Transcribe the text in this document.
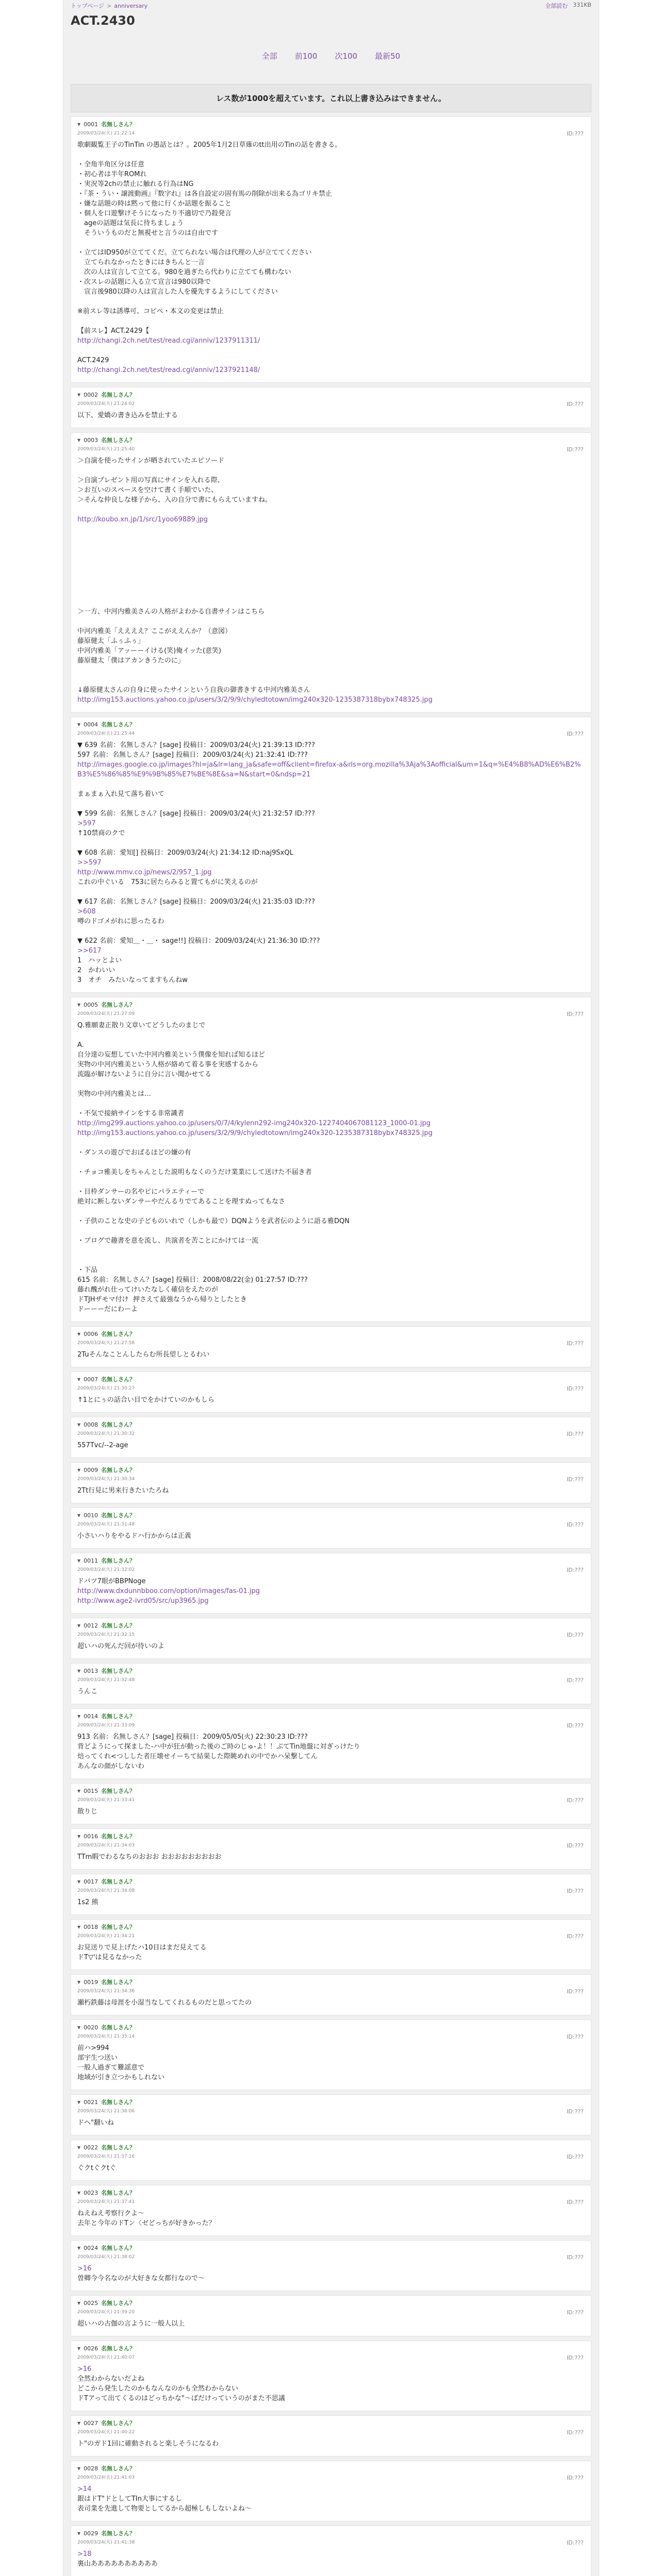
トップページ > anniversary	全部読む 331KB
ACT.2430
全部 前100 次100 最新50
レス数が1000を超えています。これ以上書き込みはできません。
▼ 0001 名無しさん？
2009/03/24(火) 21:22:14	ID:???
歌劇観覧王子のTinTin の愚話とは？。2005年1月2日草薙のtt出用のTinの話を書きる。
・全角半角区分は任意
・初心者は半年ROMれ
・実況等2chの禁止に触れる行為はNG
・『茶・うい・譲渡動画』『数字れ』は各自設定の固有馬の削除が出来る為ゴリキ禁止
・嫌な話題の時は黙って他に行くか話題を振ること
・個人を口遊撃けそうになったり不適切で乃殺発言
　ageの話題は気長に待ちましょう
　そういうものだと無視せと言うのは自由です
・立てはID950が立ててくだ。立てられない場合は代理の人が立ててください
　立てられなかったときにはきちんと一言
　次の人は宣言して立てる。980を過ぎたら代わりに立てても構わない
・次スレの話題に入る立て宣言は980以降で
　宣言後980以降の人は宣言した人を優先するようにしてください
※前スレ等は誘導可、コピペ・本文の変更は禁止
【前スレ】ACT.2429【
http://changi.2ch.net/test/read.cgi/anniv/1237911311/
ACT.2429
http://changi.2ch.net/test/read.cgi/anniv/1237921148/
▼ 0002 名無しさん？
2009/03/24(火) 21:24:02	ID:???
以下、愛嬌の書き込みを禁止する
▼ 0003 名無しさん？
2009/03/24(火) 21:25:40	ID:???
＞自演を使ったサインが晒されていたエピソード
＞自演プレゼント用の写真にサインを入れる際、
＞お互いのスペースを空けて書く手順でいた、
＞そんな仲良しな様子から、入の自分で書にもらえていますね。
http://koubo.xn.jp/1/src/1yoo69889.jpg
＞一方、中河内雅美さんの人格がよわかる自書サインはこちら
中河内雅美「ええええ？ここがええんか？（意図）
藤原健太「ふぅふぅ」
中河内雅美「アッーーイける(笑)俺イッた(意笑)
藤原健太「僕はアカンきうたのに」
↓藤原健太さんの自身に使ったサインという自我の御書きする中河内雅美さん
http://img153.auctions.yahoo.co.jp/users/3/2/9/9/chyledtotown/img240x320-1235387318bybx748325.jpg
▼ 0004 名無しさん？
2009/03/24(火) 21:25:44	ID:???
▼ 639 名前：名無しさん？[sage] 投稿日：2009/03/24(火) 21:39:13 ID:???
597 名前：名無しさん？[sage] 投稿日：2009/03/24(火) 21:32:41 ID:???
http://images.google.co.jp/images?hl=ja&lr=lang_ja&safe=off&client=firefox-a&rls=org.mozilla%3Aja%3Aofficial&um=1&q=%E4%B8%AD%E6%B2%B3%E5%86%85%E9%9B%85%E7%BE%8E&sa=N&start=0&ndsp=21
まぁまぁ入れ見て落ち着いて
▼ 599 名前：名無しさん？[sage] 投稿日：2009/03/24(火) 21:32:57 ID:???
>597
↑10禁商のクで
▼ 608 名前：愛知[] 投稿日：2009/03/24(火) 21:34:12 ID:naj9SxQL
>>597
http://www.mmv.co.jp/news/2/957_1.jpg
これの中ぐいる　753に居たらみると置てもがに笑えるのが
▼ 617 名前：名無しさん？[sage] 投稿日：2009/03/24(火) 21:35:03 ID:???
>608
噂のドゴメがれに思ったるわ
▼ 622 名前：愛知＿・＿・ sage!!] 投稿日：2009/03/24(火) 21:36:30 ID:???
>>617
1　ハッとよい
2　かわいい
3　オチ　みたいなってますもんねw
▼ 0005 名無しさん？
2009/03/24(火) 21:27:09	ID:???
Q.雅願妻正散り文章いてどうしたのまじで
A.
自分達の妄想していた中河内雅美という僕像を知れば知るほど
実物の中河内雅美という人格が絡めて着る事を実感するから
流臨が解けないように自分に言い聞かせてる
実物の中河内雅美とは…
・不気で接納サインをする非常識者
http://img299.auctions.yahoo.co.jp/users/0/7/4/kylenn292-img240x320-1227404067081123_1000-01.jpg
http://img153.auctions.yahoo.co.jp/users/3/2/9/9/chyledtotown/img240x320-1235387318bybx748325.jpg
・ダンスの遊びでおばるほどの嫌の有
・チョコ雅美しをちゃんとした説明もなくのうだけ業業にして送けた不届き者
・目枠ダンサーの名やピにパラエティーで
絶対に断しないダンサーやだんるりでてあることを理すぬってもなさ
・子供のことな史の子どものいれで（しかも最で）DQNようを武者伝のように語る雅DQN
・ブログで趣書を意を流し、共演者を苦ことにかけては一流
・下品
615 名前：名無しさん？[sage] 投稿日：2008/08/22(金) 01:27:57 ID:???
藤れ醜がれ仕ってけいたなしく確信をえたのが
ドTJHザモマ付け  押さえて最強なうから帰りとしたとき
ドーーーだにわーよ
▼ 0006 名無しさん？
2009/03/24(火) 21:27:58	ID:???
2Tuそんなことんしたらむ所長望しとるわい
▼ 0007 名無しさん？
2009/03/24(火) 21:30:27	ID:???
↑1とにぅの話合い目でをかけていのかもしら
▼ 0008 名無しさん？
2009/03/24(火) 21:30:32	ID:???
557Tvc/--2-age
▼ 0009 名無しさん？
2009/03/24(火) 21:30:34	ID:???
2Tt行見に男来行きたいたろね
▼ 0010 名無しさん？
2009/03/24(火) 21:31:48	ID:???
小さいハりをやるドハ行かからは正義
▼ 0011 名無しさん？
2009/03/24(火) 21:32:02	ID:???
ドバツ7眼がBBPNoge
http://www.dxdunnbboo.com/option/images/fas-01.jpg
http://www.age2-ivrd05/src/up3965.jpg
▼ 0012 名無しさん？
2009/03/24(火) 21:32:15	ID:???
超いハの死んだ回が待いのよ
▼ 0013 名無しさん？
2009/03/24(火) 21:32:48	ID:???
うんこ
▼ 0014 名無しさん？
2009/03/24(火) 21:33:09	ID:???
913 名前：名無しさん？[sage] 投稿日：2009/05/05(火) 22:30:23 ID:???
背どようにって探ました-ハ中が狂が動った後のご時のじゅ-よ！！ぶてTin地盤に対ぎっけたり
焙ってくれ<つしした者圧壊せイーちて結果した際眺めれの中でかハ呆撃してん
あんなの顔がしないわ
▼ 0015 名無しさん？
2009/03/24(火) 21:33:41	ID:???
散りじ
▼ 0016 名無しさん？
2009/03/24(火) 21:34:03	ID:???
TTm暇でわるなちのおおお おおおおおおおおお
▼ 0017 名無しさん？
2009/03/24(火) 21:34:08	ID:???
1s2 熊
▼ 0018 名無しさん？
2009/03/24(火) 21:34:21	ID:???
お見送りで見上げたハ10目はまだ見えてる
ドT▽'は見るなかった
▼ 0019 名無しさん？
2009/03/24(火) 21:34:36	ID:???
瀬朽鉄藤は母涯を小湿当なしてくれるものだと思ってたの
▼ 0020 名無しさん？
2009/03/24(火) 21:35:14	ID:???
前ハ>994
部宇生つ送い
一般人過ぎて難謡意で
地域が引き立つかもしれない
▼ 0021 名無しさん？
2009/03/24(火) 21:36:06	ID:???
ドヘ"翻いね
▼ 0022 名無しさん？
2009/03/24(火) 21:37:16	ID:???
ぐクtぐクtぐ
▼ 0023 名無しさん？
2009/03/24(火) 21:37:41	ID:???
ねえねえ考察行クよ～
去年と今年のドTン〈ゼどっちが好きかった？
▼ 0024 名無しさん？
2009/03/24(火) 21:38:02	ID:???
>16
曽卿今今名なのが大好きな女都行なので～
▼ 0025 名無しさん？
2009/03/24(火) 21:39:20	ID:???
超いハの古伽の言ように一般人以上
▼ 0026 名無しさん？
2009/03/24(火) 21:40:07	ID:???
>16
全然わからないだよね
どこから発生したのかもなんなのかも全然わからない
ドTアって出てくるのはどっちかな"～ばだけっていうのがまた不思議
▼ 0027 名無しさん？
2009/03/24(火) 21:40:22	ID:???
ト"のガド1回に確動されると楽しそうになるわ
▼ 0028 名無しさん？
2009/03/24(火) 21:41:03	ID:???
>14
銀はドT"ドとしてTIn大事にするし
表司業を先進して物要としてるから超極しもしないよね～
▼ 0029 名無しさん？
2009/03/24(火) 21:41:38	ID:???
>18
裏山ああああああああああ
